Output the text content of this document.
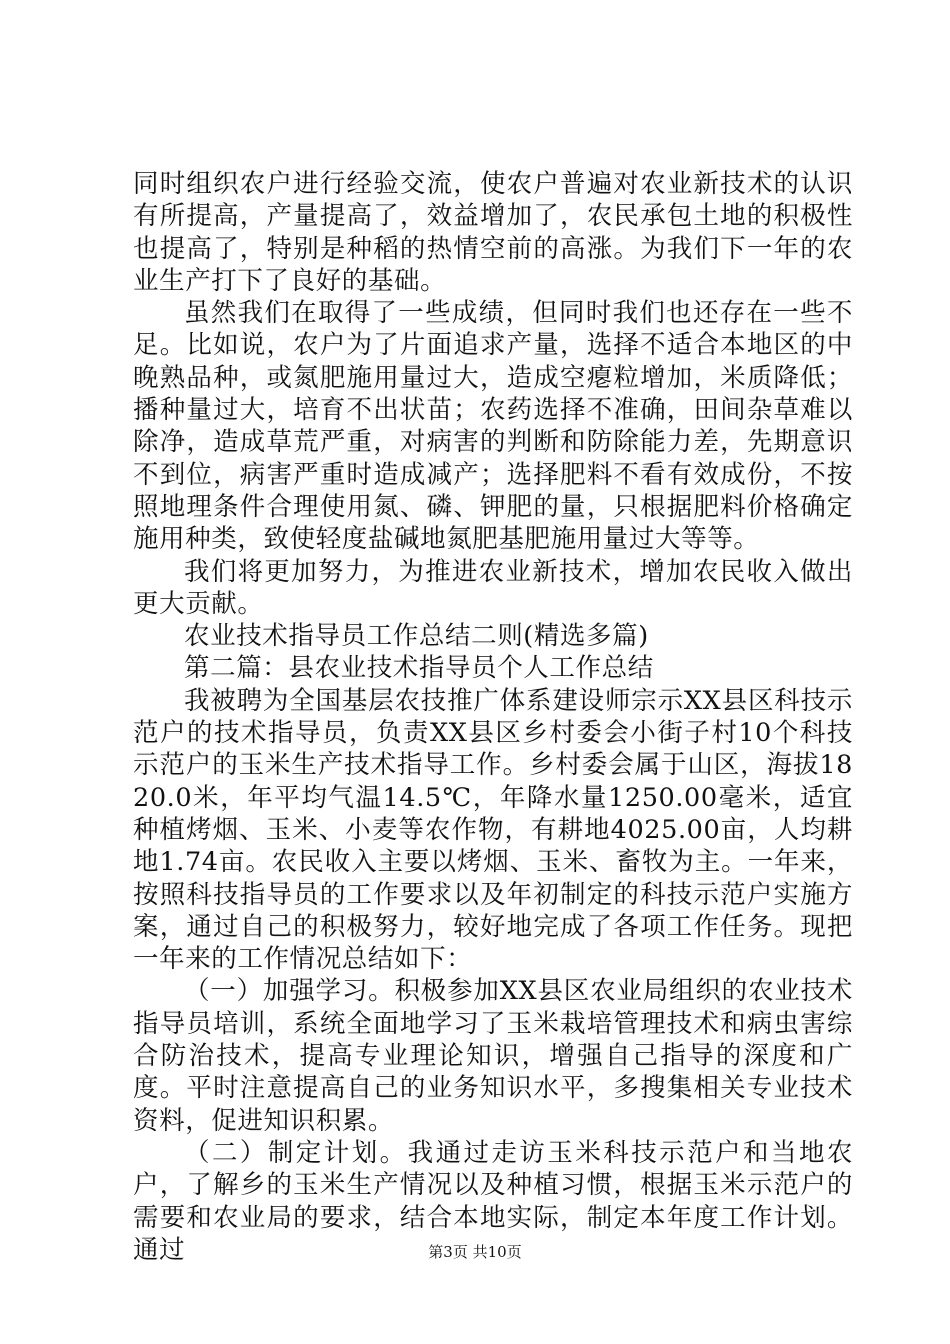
同时组织农户进行经验交流，使农户普遍对农业新技术的认识有所提高，产量提高了，效益增加了，农民承包土地的积极性也提高了，特别是种稻的热情空前的高涨。为我们下一年的农业生产打下了良好的基础。

虽然我们在取得了一些成绩，但同时我们也还存在一些不足。比如说，农户为了片面追求产量，选择不适合本地区的中晚熟品种，或氮肥施用量过大，造成空瘪粒增加，米质降低；播种量过大，培育不出状苗；农药选择不准确，田间杂草难以除净，造成草荒严重，对病害的判断和防除能力差，先期意识不到位，病害严重时造成减产；选择肥料不看有效成份，不按照地理条件合理使用氮、磷、钾肥的量，只根据肥料价格确定施用种类，致使轻度盐碱地氮肥基肥施用量过大等等。

我们将更加努力，为推进农业新技术，增加农民收入做出更大贡献。

农业技术指导员工作总结二则(精选多篇)

第二篇：县农业技术指导员个人工作总结

我被聘为全国基层农技推广体系建设师宗示XX县区科技示范户的技术指导员，负责XX县区乡村委会小街子村10个科技示范户的玉米生产技术指导工作。乡村委会属于山区，海拔1820.0米，年平均气温14.5℃，年降水量1250.00毫米，适宜种植烤烟、玉米、小麦等农作物，有耕地4025.00亩，人均耕地1.74亩。农民收入主要以烤烟、玉米、畜牧为主。一年来，按照科技指导员的工作要求以及年初制定的科技示范户实施方案，通过自己的积极努力，较好地完成了各项工作任务。现把一年来的工作情况总结如下：

（一）加强学习。积极参加XX县区农业局组织的农业技术指导员培训，系统全面地学习了玉米栽培管理技术和病虫害综合防治技术，提高专业理论知识，增强自己指导的深度和广度。平时注意提高自己的业务知识水平，多搜集相关专业技术资料，促进知识积累。

（二）制定计划。我通过走访玉米科技示范户和当地农户，了解乡的玉米生产情况以及种植习惯，根据玉米示范户的需要和农业局的要求，结合本地实际，制定本年度工作计划。通过	第3页 共10页
